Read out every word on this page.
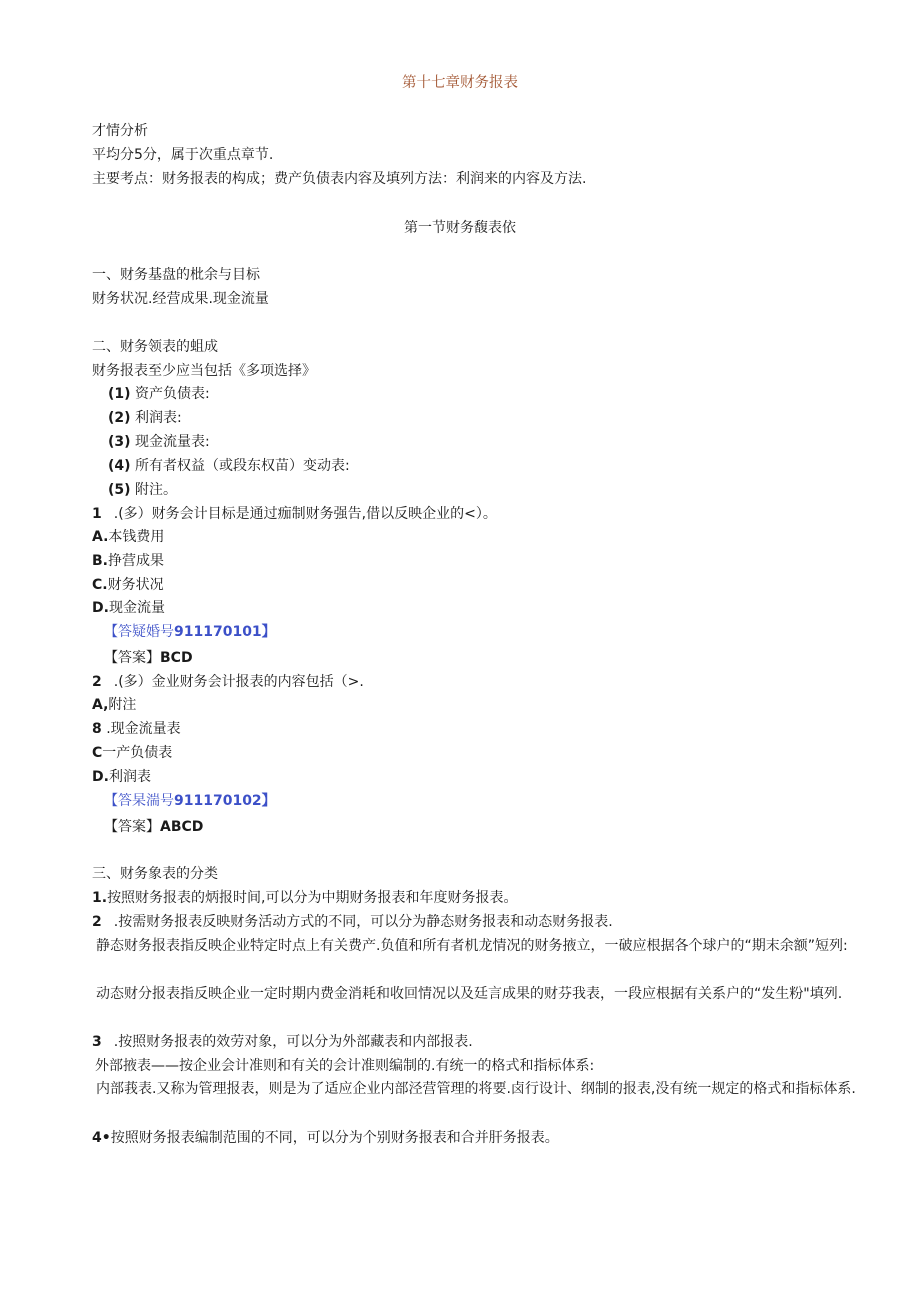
第十七章财务报表
才情分析
平均分5分，属于次重点章节.
主要考点：财务报表的构成；费产负债表内容及填列方法：利润来的内容及方法.
第一节财务馥表依
一、财务基盘的枇余与目标
财务状况.经营成果.现金流量
二、财务领表的蛆成
财务报表至少应当包括《多项选择》
(1) 资产负债表:
(2) 利润表:
(3) 现金流量表:
(4) 所有者权益（或段东权苗）变动表:
(5) 附注。
1 .(多）财务会计目标是通过痂制财务强告,借以反映企业的<）。
A.本钱费用
B.挣营成果
C.财务状况
D.现金流量
【答疑婚号911170101】
【答案】BCD
2 .(多）金业财务会计报表的内容包括（>.
A,附注
8 .现金流量表
C一产负债表
D.利润表
【答杲湍号911170102】
【答案】ABCD
三、财务象表的分类
1.按照财务报表的炳报时间,可以分为中期财务报表和年度财务报表。
2 .按需财务报表反映财务活动方式的不同，可以分为静态财务报表和动态财务报表.
静态财务报表指反映企业特定时点上有关费产.负值和所有者机龙情况的财务掖立，一破应根据各个球户的“期末余额”短列:
动态财分报表指反映企业一定时期内费金消耗和收回情况以及廷言成果的财芬我表，一段应根据有关系户的“发生粉"填列.
3 .按照财务报表的效劳对象，可以分为外部藏表和内部报表.
外部掖表——按企业会计准则和有关的会计准则编制的.有统一的格式和指标体系:
内部莪表.又称为管理报表，则是为了适应企业内部泾营管理的将要.卤行设计、纲制的报表,没有统一规定的格式和指标体系.
4•按照财务报表编制范围的不同，可以分为个别财务报表和合并肝务报表。
